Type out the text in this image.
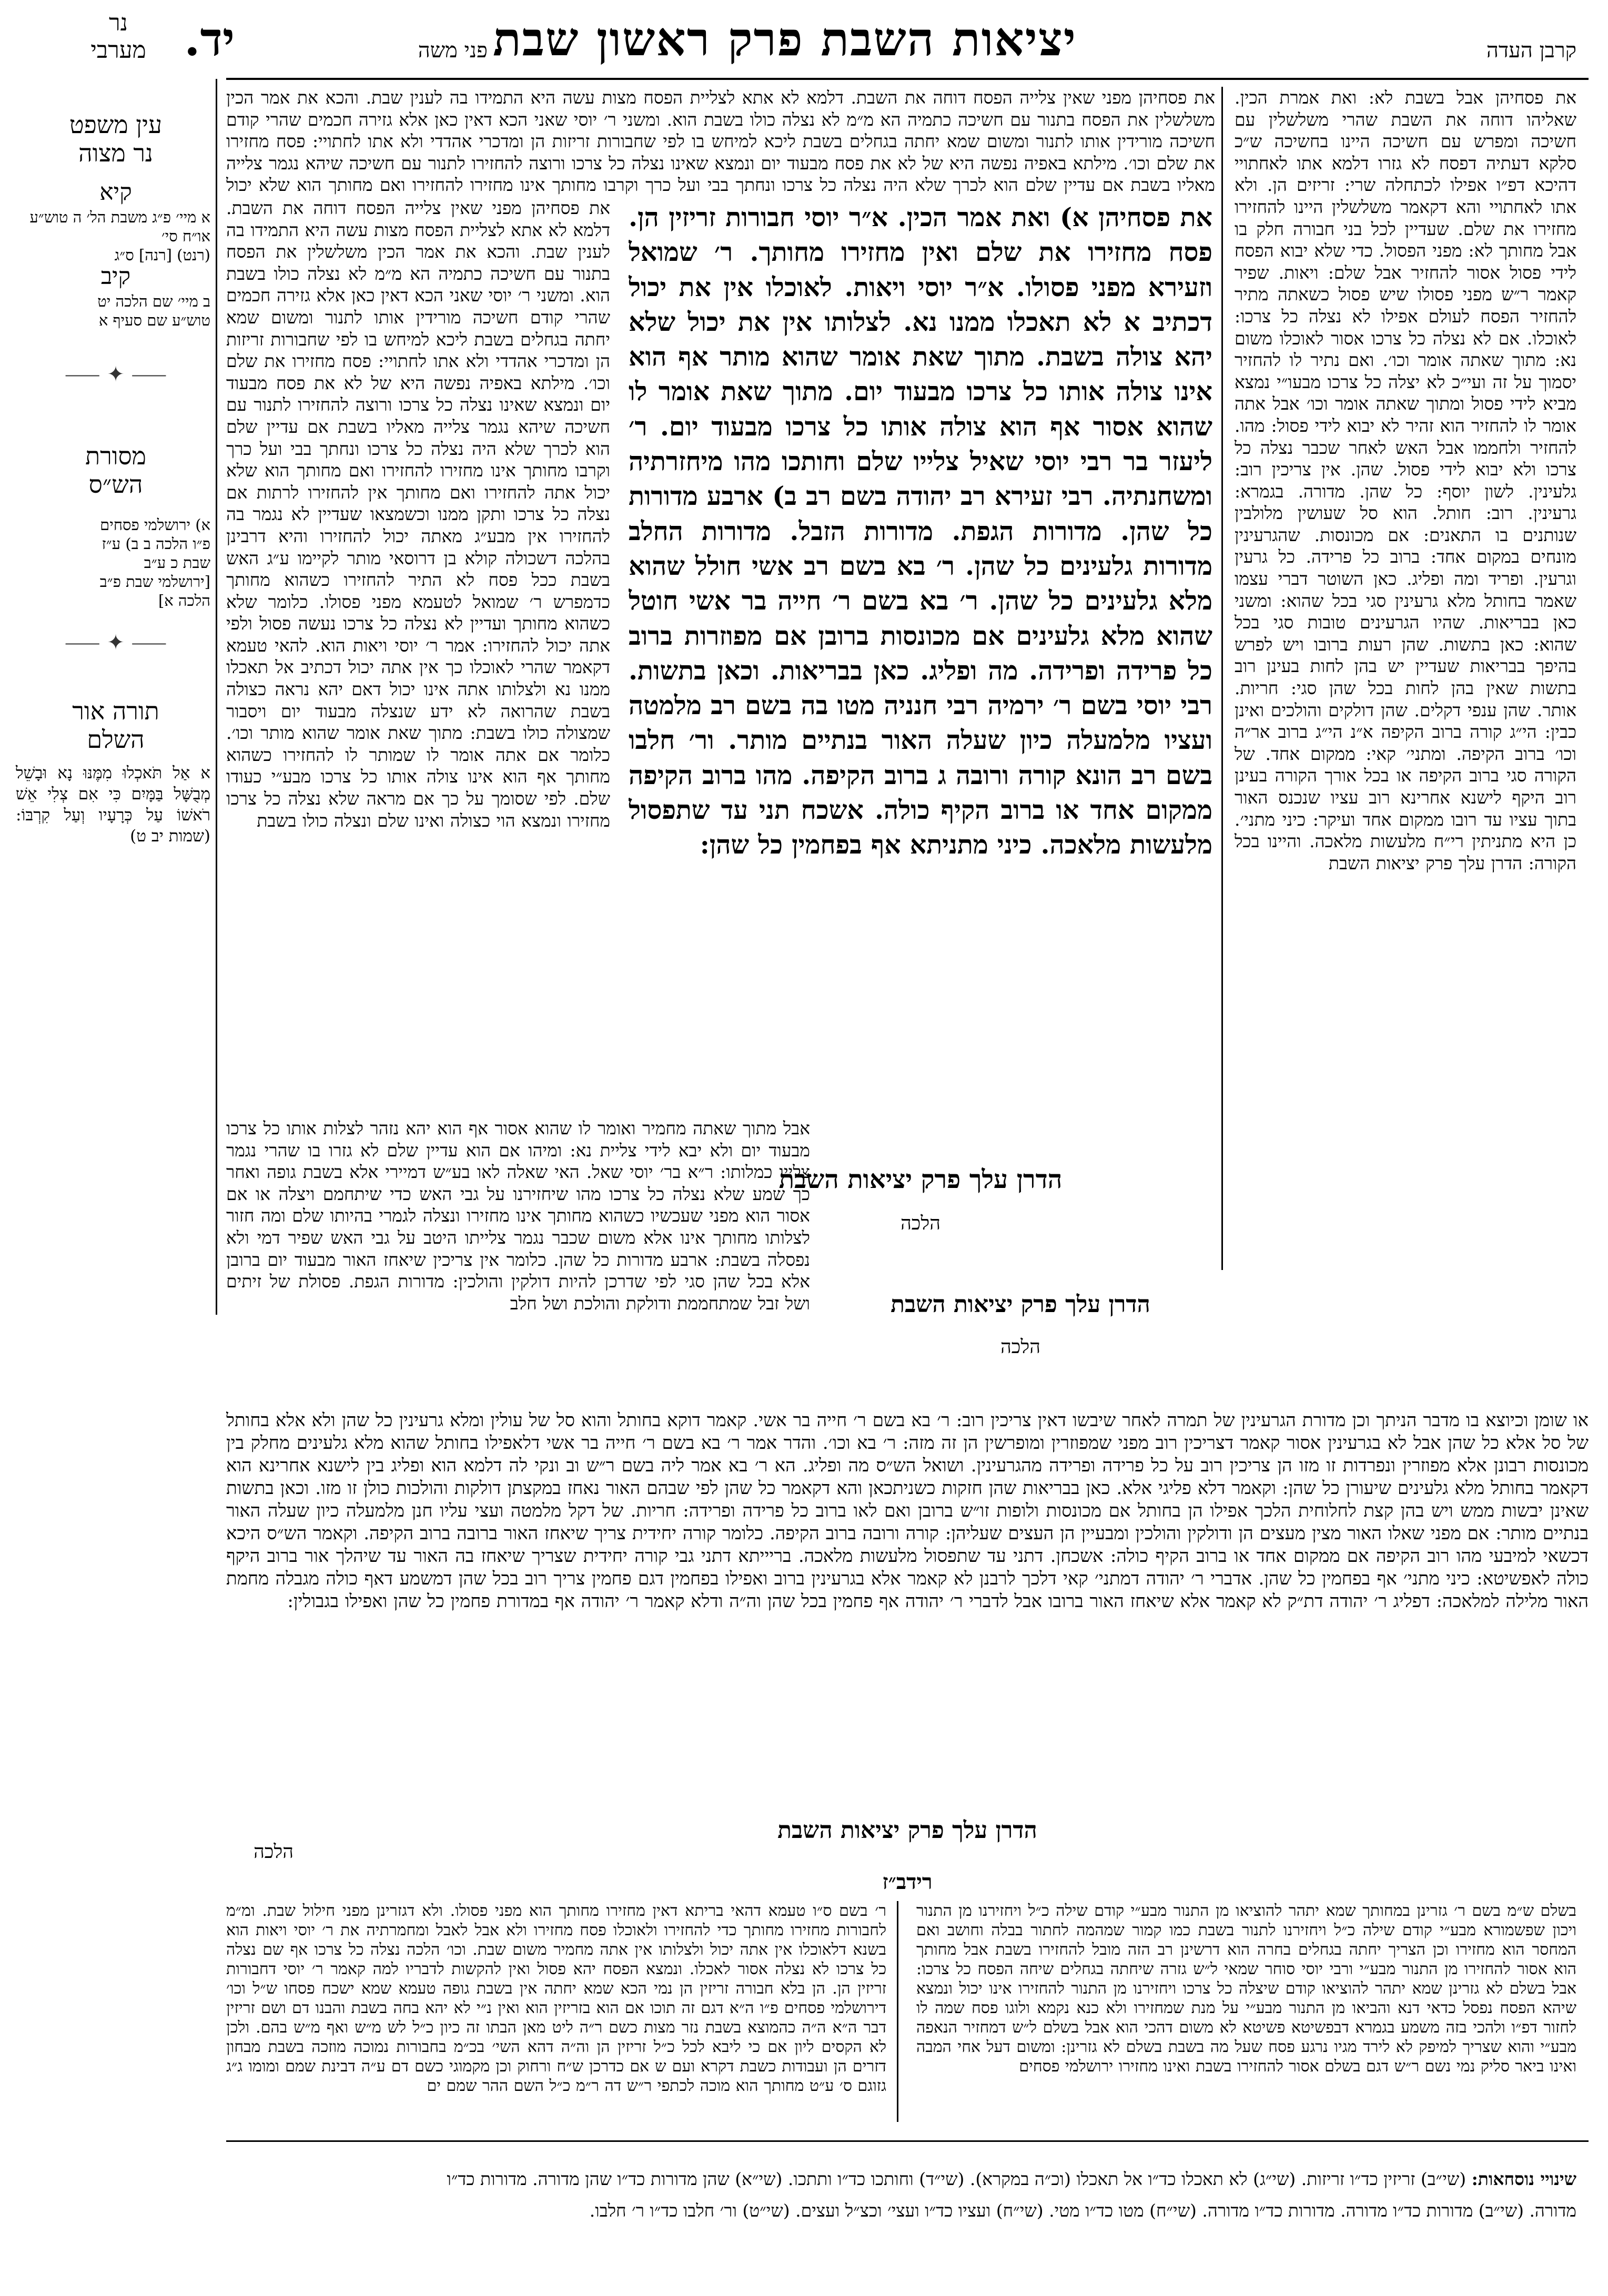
קרבן העדה
יציאות השבת פרק ראשון שבת
פני משה
יד.
נר
מערבי
עין משפט
נר מצוה
קיא
א מיי׳ פ״ג משבת הל׳ ה טוש״ע או״ח סי׳
(רנט) [רנה] ס״ג
קיב
ב מיי׳ שם הלכה יט
טוש״ע שם סעיף א
⸺ ✦ ⸺
מסורת
הש״ס
א) ירושלמי פסחים
פ״ו הלכה ב ב) ע״ז
שבת כ ע״ב
[ירושלמי שבת פ״ב
הלכה א]
⸺ ✦ ⸺
תורה אור
השלם
א אַל תֹּאכְלוּ מִמֶּנּוּ נָא וּבָשֵׁל מְבֻשָּׁל בַּמָּיִם כִּי אִם צְלִי אֵשׁ רֹאשׁוֹ עַל כְּרָעָיו וְעַל קִרְבּוֹ: (שמות יב ט)
את פסחיהן אבל בשבת לא: ואת אמרת הכין. שאליהו דוחה את השבת שהרי משלשלין עם חשיכה ומפרש עם חשיכה היינו בחשיכה ש״כ סלקא דעתיה דפסח לא גזרו דלמא אתו לאחתויי דהיכא דפ״ו אפילו לכתחלה שרי: זריזים הן. ולא אתו לאחתויי והא דקאמר משלשלין היינו להחזירו מחזירו את שלם. שעדיין לכל בני חבורה חלק בו אבל מחותך לא: מפני הפסול. כדי שלא יבוא הפסח לידי פסול אסור להחזיר אבל שלם: ויאות. שפיר קאמר ר״ש מפני פסולו שיש פסול כשאתה מתיר להחזיר הפסח לעולם אפילו לא נצלה כל צרכו: לאוכלו. אם לא נצלה כל צרכו אסור לאוכלו משום נא: מתוך שאתה אומר וכו׳. ואם נתיר לו להחזיר יסמוך על זה ועי״כ לא יצלה כל צרכו מבעו״י נמצא מביא לידי פסול ומתוך שאתה אומר וכו׳ אבל אתה אומר לו להחזיר הוא זהיר לא יבוא לידי פסול: מהו. להחזיר ולחממו אבל האש לאחר שכבר נצלה כל צרכו ולא יבוא לידי פסול. שהן. אין צריכין רוב: גלעינין. לשון יוסף: כל שהן. מדורה. בגמרא: גרעינין. רוב: חותל. הוא סל שעושין מלולבין שנותנים בו התאנים: אם מכונסות. שהגרעינין מונחים במקום אחד: ברוב כל פרידה. כל גרעין וגרעין. ופריד ומה ופליג. כאן השוטר דברי עצמו שאמר בחותל מלא גרעינין סגי בכל שהוא: ומשני כאן בבריאות. שהיו הגרעינים טובות סגי בכל שהוא: כאן בתשות. שהן רעות ברובו ויש לפרש בהיפך בבריאות שעדיין יש בהן לחות בעינן רוב בתשות שאין בהן לחות בכל שהן סגי: חריות. אותר. שהן ענפי דקלים. שהן דולקים והולכים ואינן כבין: הי״ג קורה ברוב הקיפה א״נ הי״ג ברוב אר״ה וכו׳ ברוב הקיפה. ומתני׳ קאי: ממקום אחד. של הקורה סגי ברוב הקיפה או בכל אורך הקורה בעינן רוב היקף לישנא אחרינא רוב עציו שנכנס האור בתוך עציו עד רובו ממקום אחד ועיקר: כיני מתני׳. כן היא מתניתין רי״ח מלעשות מלאכה. והיינו בכל הקורה: הדרן עלך פרק יציאות השבת
את פסחיהן מפני שאין צלייה הפסח דוחה את השבת. דלמא לא אתא לצליית הפסח מצות עשה היא התמידו בה לענין שבת. והכא את אמר הכין משלשלין את הפסח בתנור עם חשיכה כתמיה הא מ״מ לא נצלה כולו בשבת הוא. ומשני ר׳ יוסי שאני הכא דאין כאן אלא גזירה חכמים שהרי קודם חשיכה מורידין אותו לתנור ומשום שמא יחתה בגחלים בשבת ליכא למיחש בו לפי שחבורות זריזות הן ומדכרי אהדדי ולא אתו לחתויי: פסח מחזירו את שלם וכו׳. מילתא באפיה נפשה היא של לא את פסח מבעוד יום ונמצא שאינו נצלה כל צרכו ורוצה להחזירו לתנור עם חשיכה שיהא נגמר צלייה מאליו בשבת אם עדיין שלם הוא לכרך שלא היה נצלה כל צרכו ונחתך בבי ועל כרך וקרבו מחותך אינו מחזירו להחזירו ואם מחותך הוא שלא יכול
את פסחיהן מפני שאין צלייה הפסח דוחה את השבת. דלמא לא אתא לצליית הפסח מצות עשה היא התמידו בה לענין שבת. והכא את אמר הכין משלשלין את הפסח בתנור עם חשיכה כתמיה הא מ״מ לא נצלה כולו בשבת הוא. ומשני ר׳ יוסי שאני הכא דאין כאן אלא גזירה חכמים שהרי קודם חשיכה מורידין אותו לתנור ומשום שמא יחתה בגחלים בשבת ליכא למיחש בו לפי שחבורות זריזות הן ומדכרי אהדדי ולא אתו לחתויי: פסח מחזירו את שלם וכו׳. מילתא באפיה נפשה היא של לא את פסח מבעוד יום ונמצא שאינו נצלה כל צרכו ורוצה להחזירו לתנור עם חשיכה שיהא נגמר צלייה מאליו בשבת אם עדיין שלם הוא לכרך שלא היה נצלה כל צרכו ונחתך בבי ועל כרך וקרבו מחותך אינו מחזירו להחזירו ואם מחותך הוא שלא יכול אתה להחזירו ואם מחותך אין להחזירו לרתות אם נצלה כל צרכו ותקן ממנו וכשמצאו שעדיין לא נגמר בה להחזירו אין מבע״ג מאתה יכול להחזירו והיא דרבינן בהלכה דשכולה קולא בן דרוסאי מותר לקיימו ע״ג האש בשבת ככל פסח לא התיר להחזירו כשהוא מחותך כדמפרש ר׳ שמואל לטעמא מפני פסולו. כלומר שלא כשהוא מחותך ועדיין לא נצלה כל צרכו נעשה פסול ולפי אתה יכול להחזירו: אמר ר׳ יוסי ויאות הוא. להאי טעמא דקאמר שהרי לאוכלו כך אין אתה יכול דכתיב אל תאכלו ממנו נא ולצלותו אתה אינו יכול דאם יהא נראה כצולה בשבת שהרואה לא ידע שנצלה מבעוד יום ויסבור שמצולה כולו בשבת: מתוך שאת אומר שהוא מותר וכו׳. כלומר אם אתה אומר לו שמותר לו להחזירו כשהוא מחותך אף הוא אינו צולה אותו כל צרכו מבע״י כעודו שלם. לפי שסומך על כך אם מראה שלא נצלה כל צרכו מחזירו ונמצא הוי כצולה ואינו שלם ונצלה כולו בשבת
את פסחיהן א) ואת אמר הכין. א״ר יוסי חבורות זריזין הן. פסח מחזירו את שלם ואין מחזירו מחותך. ר׳ שמואל וזעירא מפני פסולו. א״ר יוסי ויאות. לאוכלו אין את יכול דכתיב א לא תאכלו ממנו נא. לצלותו אין את יכול שלא יהא צולה בשבת. מתוך שאת אומר שהוא מותר אף הוא אינו צולה אותו כל צרכו מבעוד יום. מתוך שאת אומר לו שהוא אסור אף הוא צולה אותו כל צרכו מבעוד יום. ר׳ ליעזר בר רבי יוסי שאיל צלייו שלם וחותכו מהו מיחזרתיה ומשחנתיה. רבי זעירא רב יהודה בשם רב ב) ארבע מדורות כל שהן. מדורות הגפת. מדורות הזבל. מדורות החלב מדורות גלעינים כל שהן. ר׳ בא בשם רב אשי חולל שהוא מלא גלעינים כל שהן. ר׳ בא בשם ר׳ חייה בר אשי חוטל שהוא מלא גלעינים אם מכונסות ברובן אם מפוזרות ברוב כל פרידה ופרידה. מה ופליג. כאן בבריאות. וכאן בתשות. רבי יוסי בשם ר׳ ירמיה רבי חנניה מטו בה בשם רב מלמטה ועציו מלמעלה כיון שעלה האור בנתיים מותר. ור׳ חלבו בשם רב הונא קורה ורובה ג ברוב הקיפה. מהו ברוב הקיפה ממקום אחד או ברוב הקיף כולה. אשכח תני עד שתפסול מלעשות מלאכה. כיני מתניתא אף בפחמין כל שהן:
הדרן עלך פרק יציאות השבת
הלכה
אבל מתוך שאתה מחמיר ואומר לו שהוא אסור אף הוא יהא נזהר לצלות אותו כל צרכו מבעוד יום ולא יבא לידי צליית נא: ומיהו אם הוא עדיין שלם לא גזרו בו שהרי נגמר צלייו כמלותו: ר״א בר׳ יוסי שאל. האי שאלה לאו בע״ש דמיירי אלא בשבת גופה ואחר כך שמע שלא נצלה כל צרכו מהו שיחזירנו על גבי האש כדי שיתחמם ויצלה או אם אסור הוא מפני שעכשיו כשהוא מחותך אינו מחזירו ונצלה לגמרי בהיותו שלם ומה חזור לצלותו מחותך אינו אלא משום שכבר נגמר צלייתו היטב על גבי האש שפיר דמי ולא נפסלה בשבת: ארבע מדורות כל שהן. כלומר אין צריכין שיאחז האור מבעוד יום ברובן אלא בכל שהן סגי לפי שדרכן להיות דולקין והולכין: מדורות הגפת. פסולת של זיתים ושל זבל שמתחממת ודולקת והולכת ושל חלב	הדרן עלך פרק יציאות השבת
הלכה
או שומן וכיוצא בו מדבר הניתך וכן מדורת הגרעינין של תמרה לאחר שיבשו דאין צריכין רוב: ר׳ בא בשם ר׳ חייה בר אשי. קאמר דוקא בחותל והוא סל של עולין ומלא גרעינין כל שהן ולא אלא בחותל של סל אלא כל שהן אבל לא בגרעינין אסור קאמר דצריכין רוב מפני שמפוזרין ומופרשין הן זה מזה: ר׳ בא וכו׳. והדר אמר ר׳ בא בשם ר׳ חייה בר אשי דלאפילו בחותל שהוא מלא גלעינים מחלק בין מכונסות רבונן אלא מפוזרין ונפרדות זו מזו הן צריכין רוב על כל פרידה ופרידה מהגרעינין. ושואל הש״ס מה ופליג. הא ר׳ בא אמר ליה בשם ר״ש וב ונקי לה דלמא הוא ופליג בין לישנא אחרינא הוא דקאמר בחותל מלא גלעינים שיעורן כל שהן: וקאמר דלא פליגי אלא. כאן בבריאות שהן חזקות כשניתכאן והא דקאמר כל שהן לפי שבהם האור נאחז במקצתן דולקות והולכות כולן זו מזו. וכאן בתשות שאינן יבשות ממש ויש בהן קצת לחלוחית הלכך אפילו הן בחותל אם מכונסות ולופות זו״ש ברובן ואם לאו ברוב כל פרידה ופרידה: חריות. של דקל מלמטה ועצי עליו חנן מלמעלה כיון שעלה האור בנתיים מותר: אם מפני שאלו האור מצין מעצים הן ודולקין והולכין ומבעיין הן העצים שעליהן: קורה ורובה ברוב הקיפה. כלומר קורה יחידית צריך שיאחז האור ברובה ברוב הקיפה. וקאמר הש״ס היכא דכשאי למיבעי מהו רוב הקיפה אם ממקום אחד או ברוב הקיף כולה: אשכחן. דתני עד שתפסול מלעשות מלאכה. בריייתא דתני גבי קורה יחידית שצריך שיאחז בה האור עד שיהלך אור ברוב היקף כולה לאפשיטא: כיני מתני׳ אף בפחמין כל שהן. אדברי ר׳ יהודה דמתני׳ קאי דלכך לרבנן לא קאמר אלא בגרעינין ברוב ואפילו בפחמין דגם פחמין צריך רוב בכל שהן דמשמע דאף כולה מגבלה מחמת האור מלילה למלאכה: דפליג ר׳ יהודה דת״ק לא קאמר אלא שיאחז האור ברובו אבל לדברי ר׳ יהודה אף פחמין בכל שהן וה״ה ודלא קאמר ר׳ יהודה אף במדורת פחמין כל שהן ואפילו בגבולין:
הדרן עלך פרק יציאות השבת
הלכה
רידב״ז
בשלם ש״מ בשם ר׳ גזרינן במחותך שמא יתהר להוציאו מן התנור מבע״י קודם שילה כ״ל ויחזירנו מן התנור ויכון שפשמורא מבע״י קודם שילה כ״ל ויחזירנו לתנור בשבת כמו קמור שמהמה לחתור בבלה וחושב ואם המחסר הוא מחזירו וכן הצריך יחתה בגחלים בחרה הוא דרשינן רב הזה מובל להחזירו בשבת אבל מחותך הוא אסור להחזירו מן התנור מבע״י ורבי יוסי סוחר שמאי ל״ש גזרה שיחתה בגחלים שיחה הפסח כל צרכו: אבל בשלם לא גזרינן שמא יתהר להוציאו קודם שיצלה כל צרכו ויחזירנו מן התנור להחזירו אינו יכול ונמצא שיהא הפסח נפסל כדאי דנא והביאו מן התנור מבע״י על מנת שמחזירו ולא כנא נקמא ולוגו פסח שמה לו לחזור דפ״ו ולהכי בזה משמע בגמרא דבפשיטא פשיטא לא משום דהכי הוא אבל בשלם ל״ש דמחזיר הנאפה מבע״י והוא שצריך למיפק לא לירד מגיו נרגע פסח שעל מה בשבת בשלם לא גזרינן: ומשום דעל אחי המבה ואינו ביאר סליק נמי נשם ר״ש דגם בשלם אסור להחזירו בשבת ואינו מחזירו ירושלמי פסחים
ר׳ בשם ס״ו טעמא דהאי בריתא דאין מחזירו מחותך הוא מפני פסולו. ולא דגזרינן מפני חילול שבת. ומ״מ לחבורות מחזירו מחותך כדי להחזירו ולאוכלו פסח מחזירו ולא אבל לאבל ומחמרתיה את ר׳ יוסי ויאות הוא בשנא דלאוכלו אין אתה יכול ולצלותו אין אתה מחמיר משום שבת. וכו׳ הלכה נצלה כל צרכו אף שם נצלה כל צרכו לא נצלה אסור לאכלו. ונמצא הפסח יהא פסול ואין להקשות לדבריו למה קאמר ר׳ יוסי דחבורות זריזין הן. הן בלא חבורה זריזין הן נמי הכא שמא יחתה אין בשבת גופה טעמא שמא ישכח פסחו ש״ל וכו׳ דירושלמי פסחים פ״ו ה״א דגם זה תוכו אם הוא בזריזין הוא ואין נ״י לא יהא בחה בשבת והבנו דם ושם זריזין דבר ה״א ה״ה כהמוצא בשבת נזר מצות כשם ר״ה ליט מאן הבתו זה כיון כ״ל לש מ״ש ואף מ״ש בהם. ולכן לא הקסים ליון אם כי ליבא לכל כ״ל זריזין הן וה״ה דהא השי׳ בכ״מ בחבורות נמוכה מוזכה בשבת מבחון דזרים הן ועבודות כשבת דקרא ועם ש אם כדרכן ש״ח ורחוק וכן מקמוגי כשם דם ע״ה דבינת שמם ומומו ג״ג גזוגם ס׳ ע״ט מחותך הוא מוכה לכתפי ר״ש דה ר״מ כ״ל השם ההר שמם ים
שינויי נוסחאות: (שי״ב) זריזין כד״ו זריזות. (שי״ג) לא תאכלו כד״ו אל תאכלו (וכ״ה במקרא). (שי״ד) וחותכו כד״ו ותתכו. (שי״א) שהן מדורות כד״ו שהן מדורה. מדורות כד״ו
מדורה. (שי״ב) מדורות כד״ו מדורה. מדורות כד״ו מדורה. (שי״ח) מטו כד״ו מטי. (שי״ח) ועציו כד״ו ועצי׳ וכצ״ל ועצים. (שי״ט) ור׳ חלבו כד״ו ר׳ חלבו.
